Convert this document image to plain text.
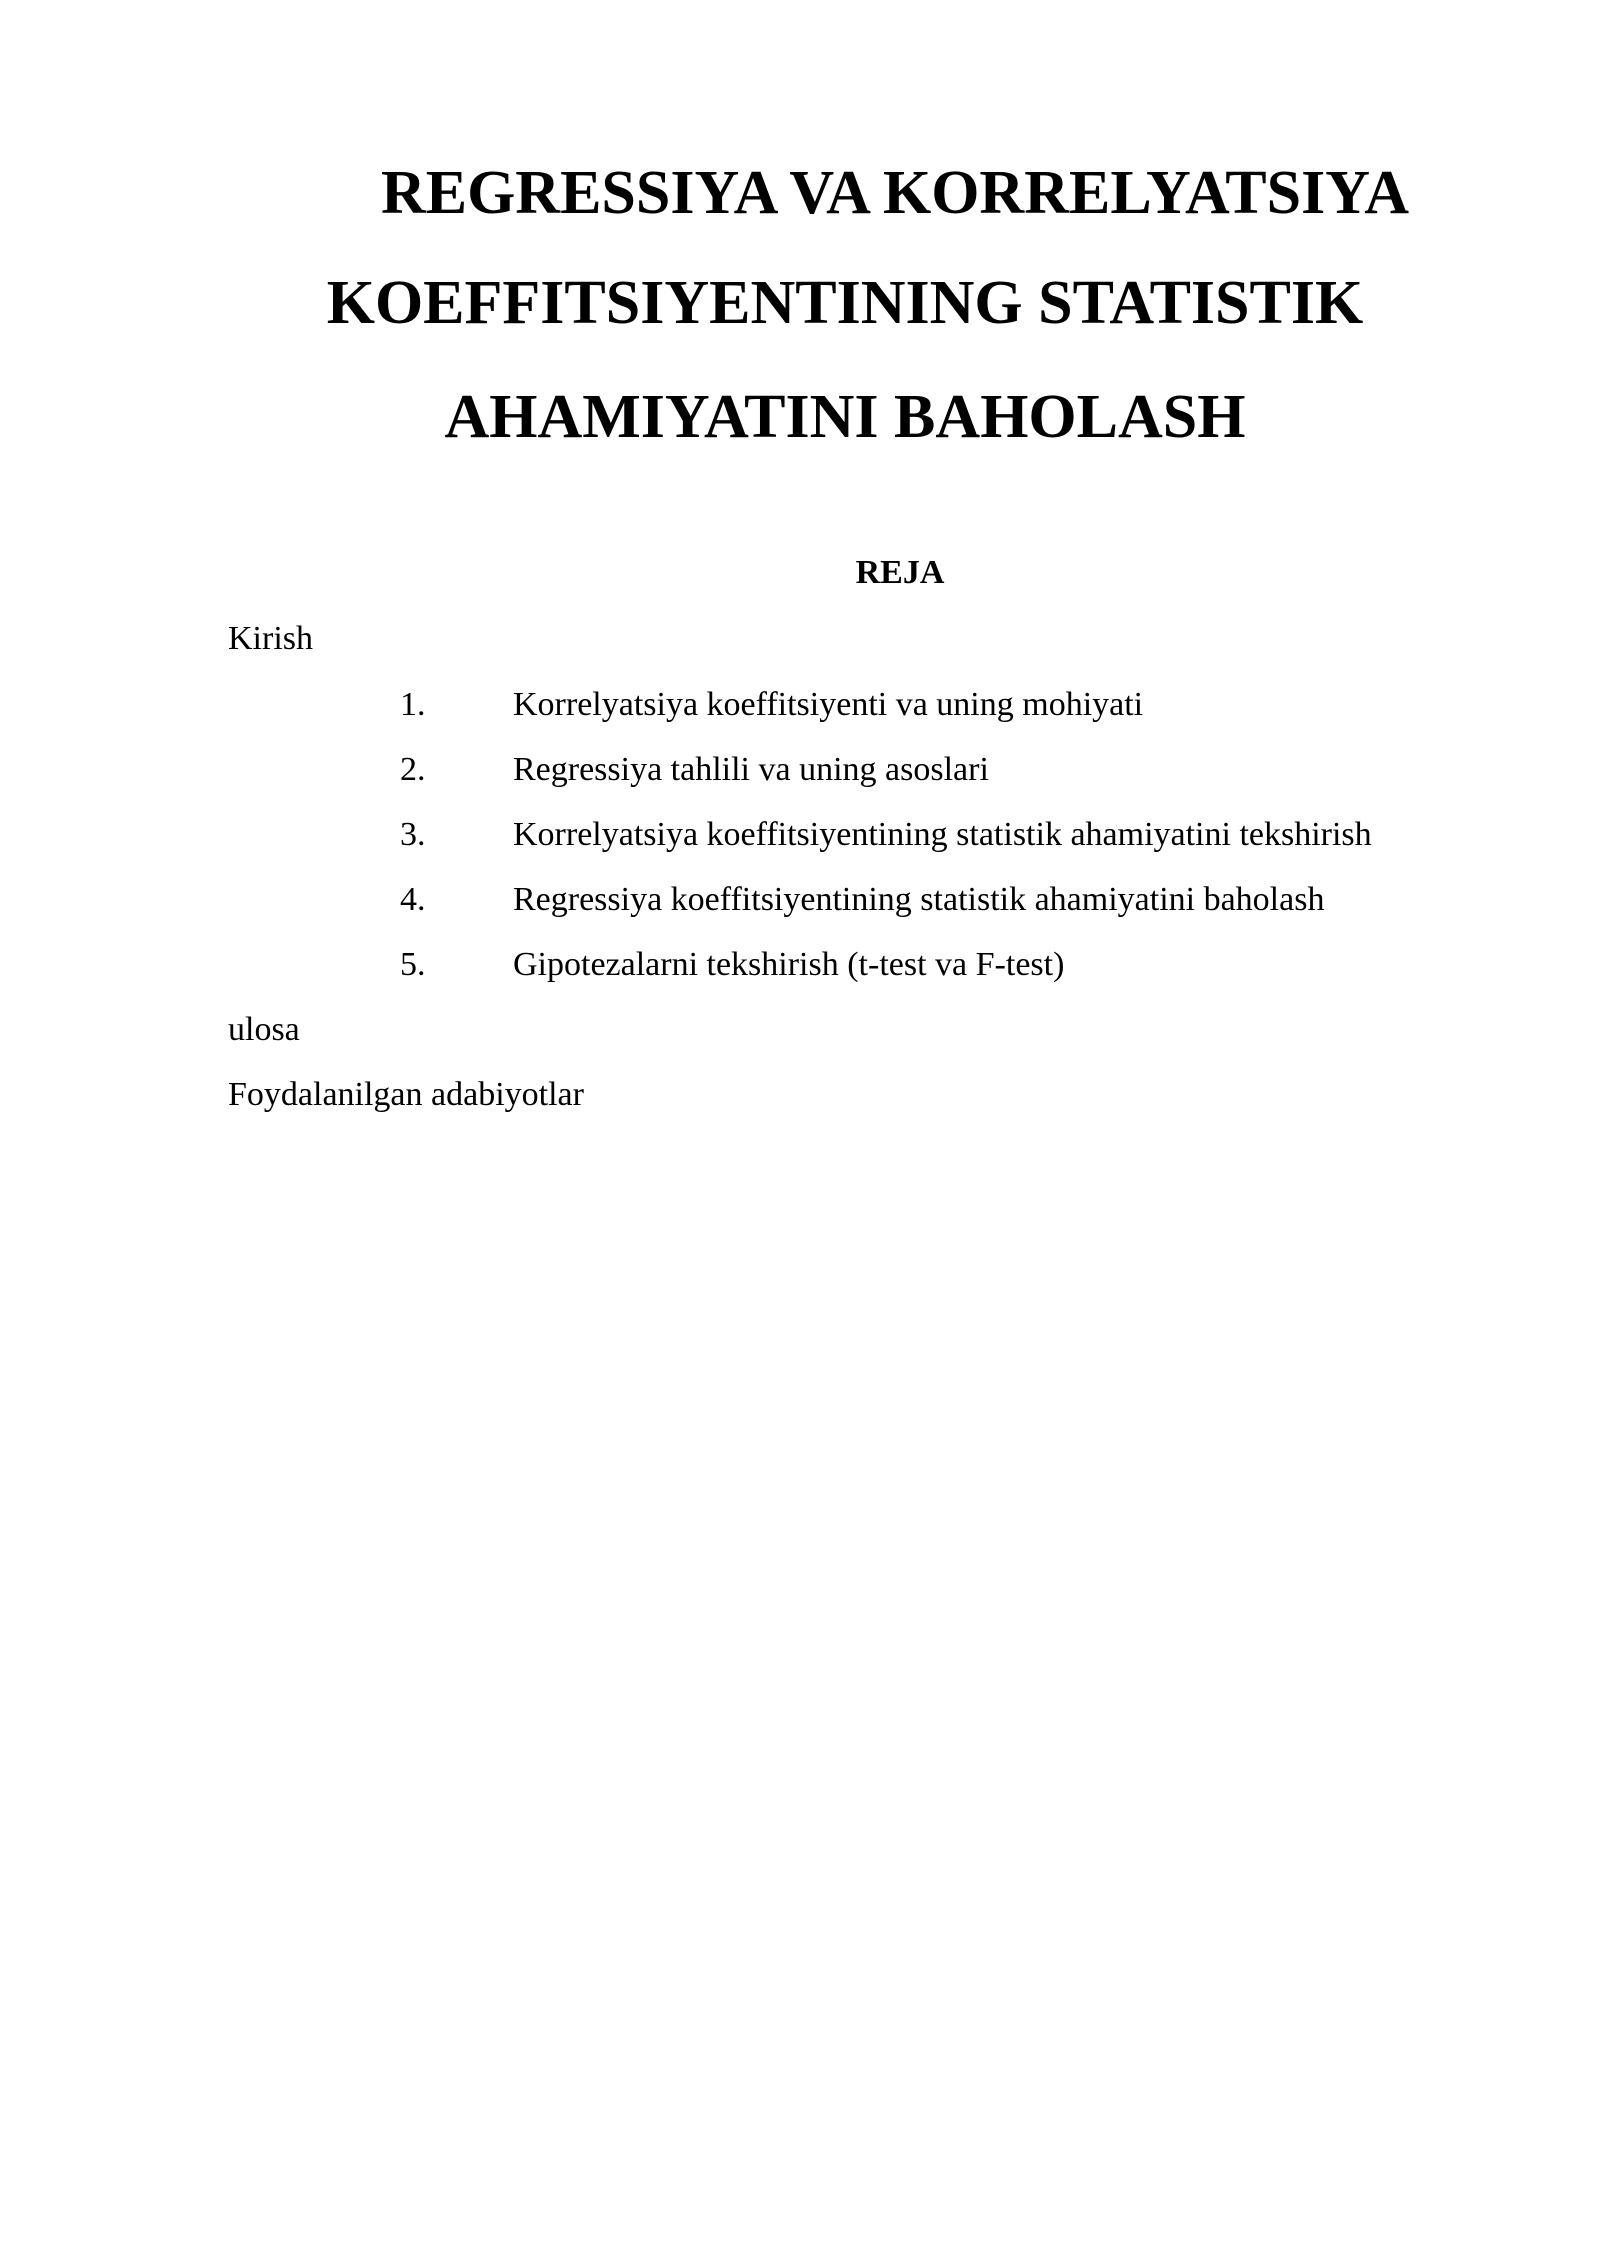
REGRESSIYA VA KORRELYATSIYA
KOEFFITSIYENTINING STATISTIK
AHAMIYATINI BAHOLASH
REJA
Kirish
1.	Korrelyatsiya koeffitsiyenti va uning mohiyati
2.	Regressiya tahlili va uning asoslari
3.	Korrelyatsiya koeffitsiyentining statistik ahamiyatini tekshirish
4.	Regressiya koeffitsiyentining statistik ahamiyatini baholash
5.	Gipotezalarni tekshirish (t-test va F-test)
ulosa
Foydalanilgan adabiyotlar
